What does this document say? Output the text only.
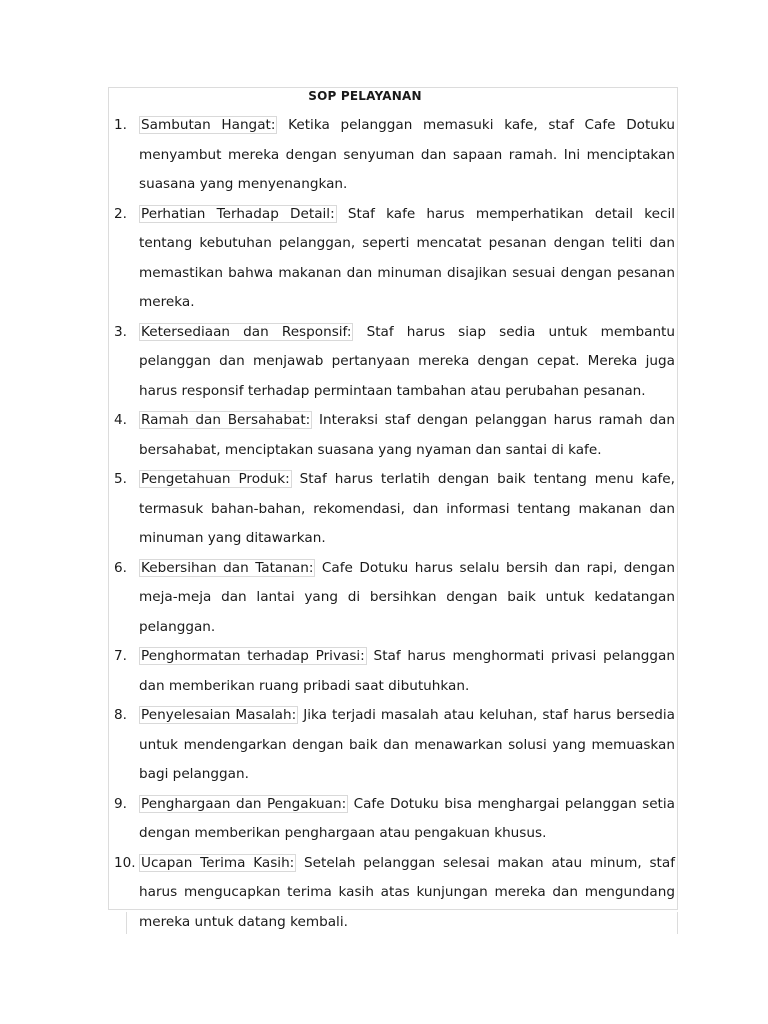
SOP PELAYANAN
1.	Sambutan Hangat: Ketika pelanggan memasuki kafe, staf Cafe Dotuku menyambut mereka dengan senyuman dan sapaan ramah. Ini menciptakan suasana yang menyenangkan.
2.	Perhatian Terhadap Detail: Staf kafe harus memperhatikan detail kecil tentang kebutuhan pelanggan, seperti mencatat pesanan dengan teliti dan memastikan bahwa makanan dan minuman disajikan sesuai dengan pesanan mereka.
3.	Ketersediaan dan Responsif: Staf harus siap sedia untuk membantu pelanggan dan menjawab pertanyaan mereka dengan cepat. Mereka juga harus responsif terhadap permintaan tambahan atau perubahan pesanan.
4.	Ramah dan Bersahabat: Interaksi staf dengan pelanggan harus ramah dan bersahabat, menciptakan suasana yang nyaman dan santai di kafe.
5.	Pengetahuan Produk: Staf harus terlatih dengan baik tentang menu kafe, termasuk bahan-bahan, rekomendasi, dan informasi tentang makanan dan minuman yang ditawarkan.
6.	Kebersihan dan Tatanan: Cafe Dotuku harus selalu bersih dan rapi, dengan meja-meja dan lantai yang di bersihkan dengan baik untuk kedatangan pelanggan.
7.	Penghormatan terhadap Privasi: Staf harus menghormati privasi pelanggan dan memberikan ruang pribadi saat dibutuhkan.
8.	Penyelesaian Masalah: Jika terjadi masalah atau keluhan, staf harus bersedia untuk mendengarkan dengan baik dan menawarkan solusi yang memuaskan bagi pelanggan.
9.	Penghargaan dan Pengakuan: Cafe Dotuku bisa menghargai pelanggan setia dengan memberikan penghargaan atau pengakuan khusus.
10. Ucapan Terima Kasih: Setelah pelanggan selesai makan atau minum, staf harus mengucapkan terima kasih atas kunjungan mereka dan mengundang mereka untuk datang kembali.
